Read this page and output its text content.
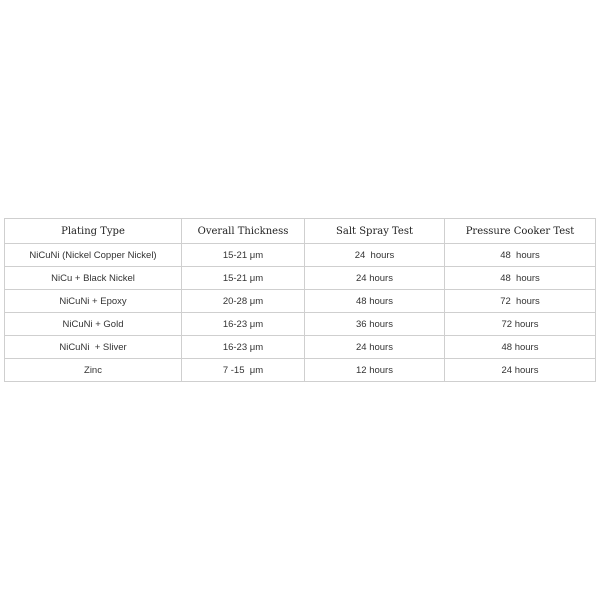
Plating Type	Overall Thickness	Salt Spray Test	Pressure Cooker Test
NiCuNi (Nickel Copper Nickel)	15-21 μm	24  hours	48  hours
NiCu + Black Nickel	15-21 μm	24 hours	48  hours
NiCuNi + Epoxy	20-28 μm	48 hours	72  hours
NiCuNi + Gold	16-23 μm	36 hours	72 hours
NiCuNi  + Sliver	16-23 μm	24 hours	48 hours
Zinc	7 -15  μm	12 hours	24 hours
